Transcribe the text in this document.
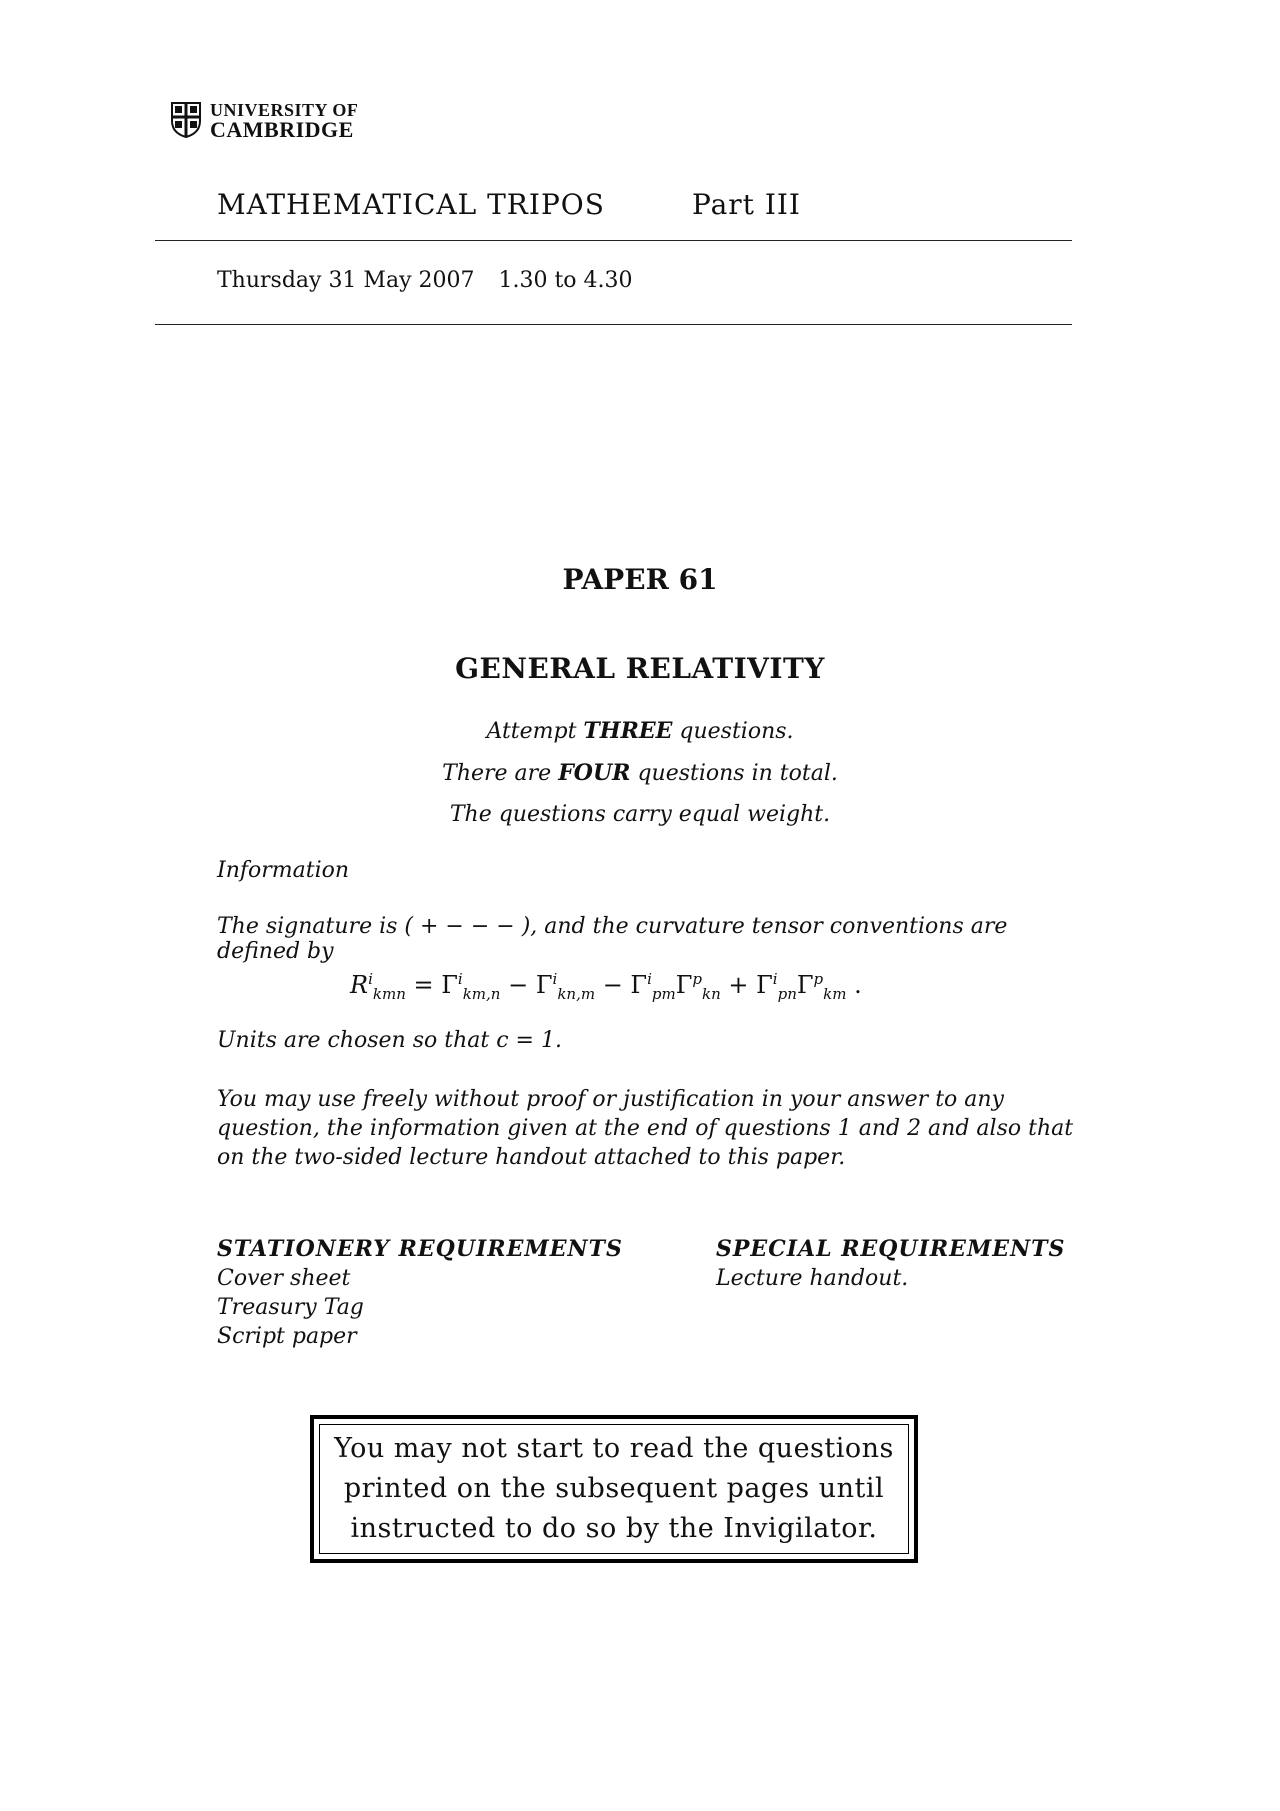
UNIVERSITY OF
CAMBRIDGE
MATHEMATICAL TRIPOS	Part III
Thursday 31 May 2007 1.30 to 4.30
PAPER 61
GENERAL RELATIVITY
Attempt THREE questions.
There are FOUR questions in total.
The questions carry equal weight.
Information
The signature is ( + − − − ), and the curvature tensor conventions are defined by
$R^i_{kmn} = \Gamma^i_{km,n} - \Gamma^i_{kn,m} - \Gamma^i_{pm}\Gamma^p_{kn} + \Gamma^i_{pn}\Gamma^p_{km}$ .
Units are chosen so that c = 1.
You may use freely without proof or justification in your answer to any question, the information given at the end of questions 1 and 2 and also that on the two-sided lecture handout attached to this paper.
STATIONERY REQUIREMENTS
Cover sheet
Treasury Tag
Script paper
SPECIAL REQUIREMENTS
Lecture handout.
You may not start to read the questions
printed on the subsequent pages until
instructed to do so by the Invigilator.
